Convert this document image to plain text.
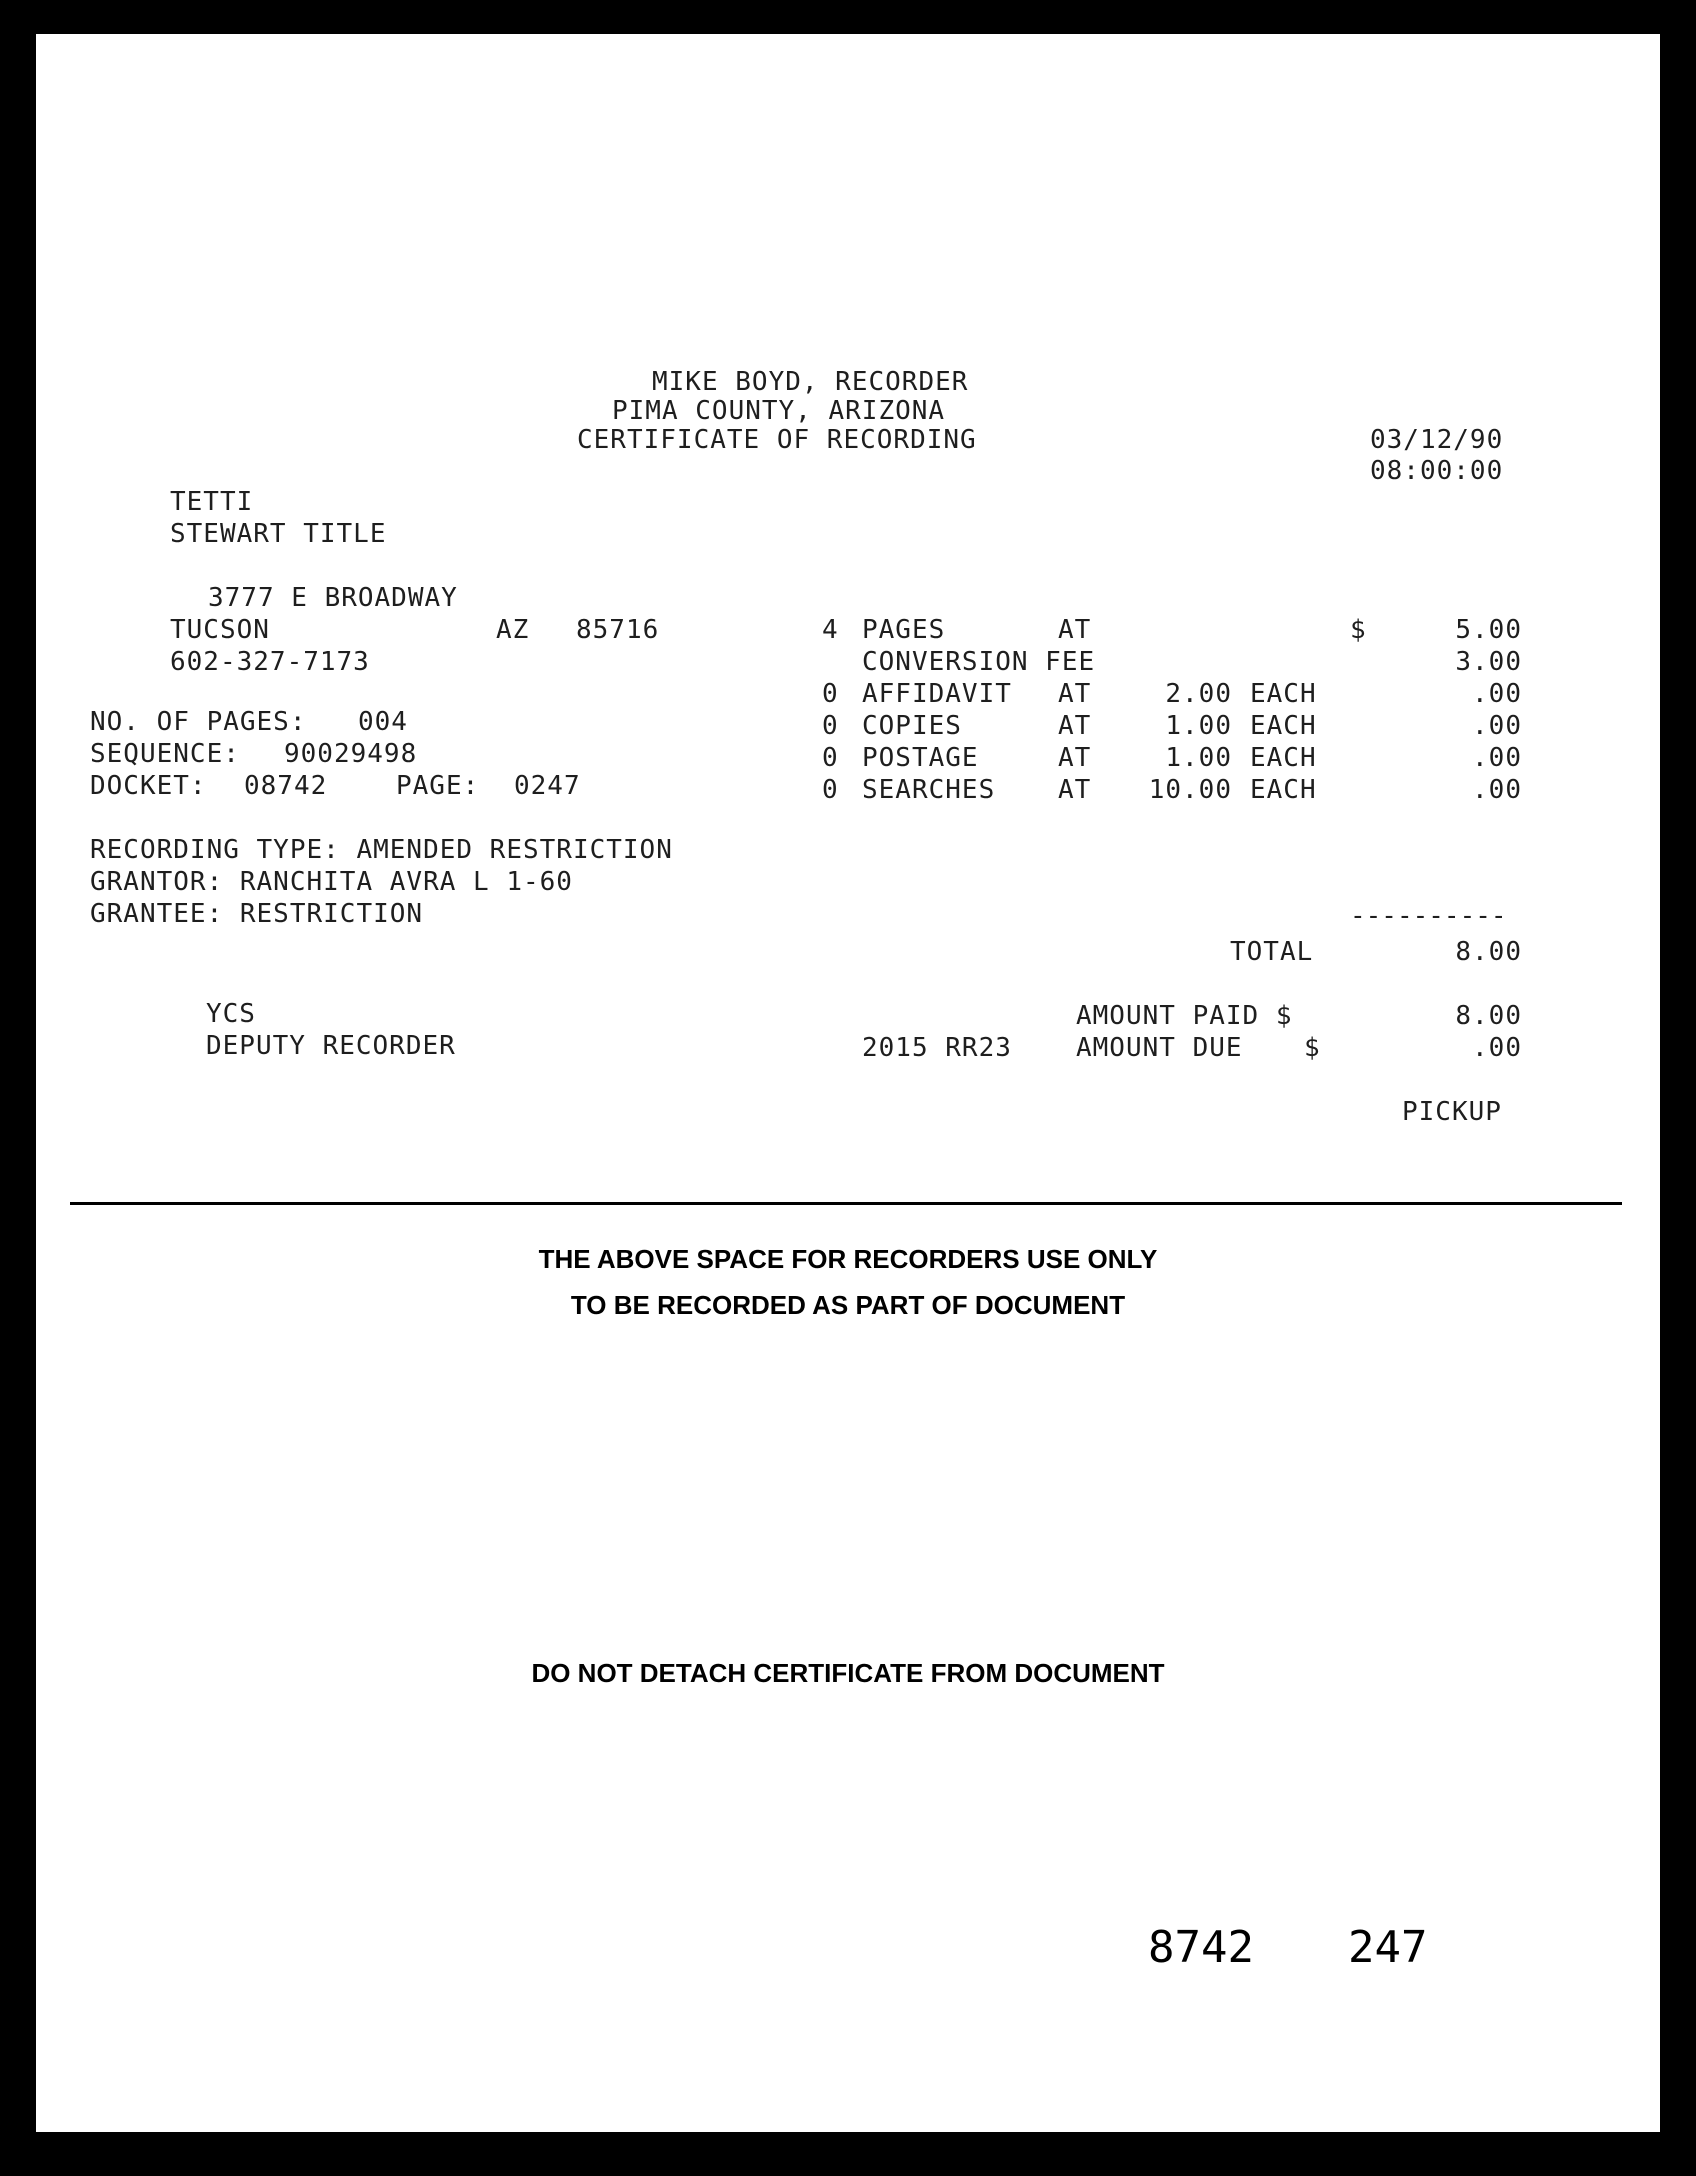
MIKE BOYD, RECORDER
PIMA COUNTY, ARIZONA
CERTIFICATE OF RECORDING	03/12/90
08:00:00
TETTI
STEWART TITLE
3777 E BROADWAY
TUCSON	AZ 85716
602-327-7173
NO. OF PAGES: 004
SEQUENCE: 90029498
DOCKET: 08742	PAGE: 0247
RECORDING TYPE: AMENDED RESTRICTION
GRANTOR: RANCHITA AVRA L 1-60
GRANTEE: RESTRICTION
4 PAGES	AT	$	5.00
CONVERSION FEE	3.00
0 AFFIDAVIT AT	2.00 EACH	.00
0 COPIES	AT	1.00 EACH	.00
0 POSTAGE	AT	1.00 EACH	.00
0 SEARCHES AT	10.00 EACH	.00
----------
TOTAL	8.00
YCS
DEPUTY RECORDER
AMOUNT PAID $	8.00
2015 RR23 AMOUNT DUE $	.00
PICKUP
THE ABOVE SPACE FOR RECORDERS USE ONLY
TO BE RECORDED AS PART OF DOCUMENT
DO NOT DETACH CERTIFICATE FROM DOCUMENT
8742 247
